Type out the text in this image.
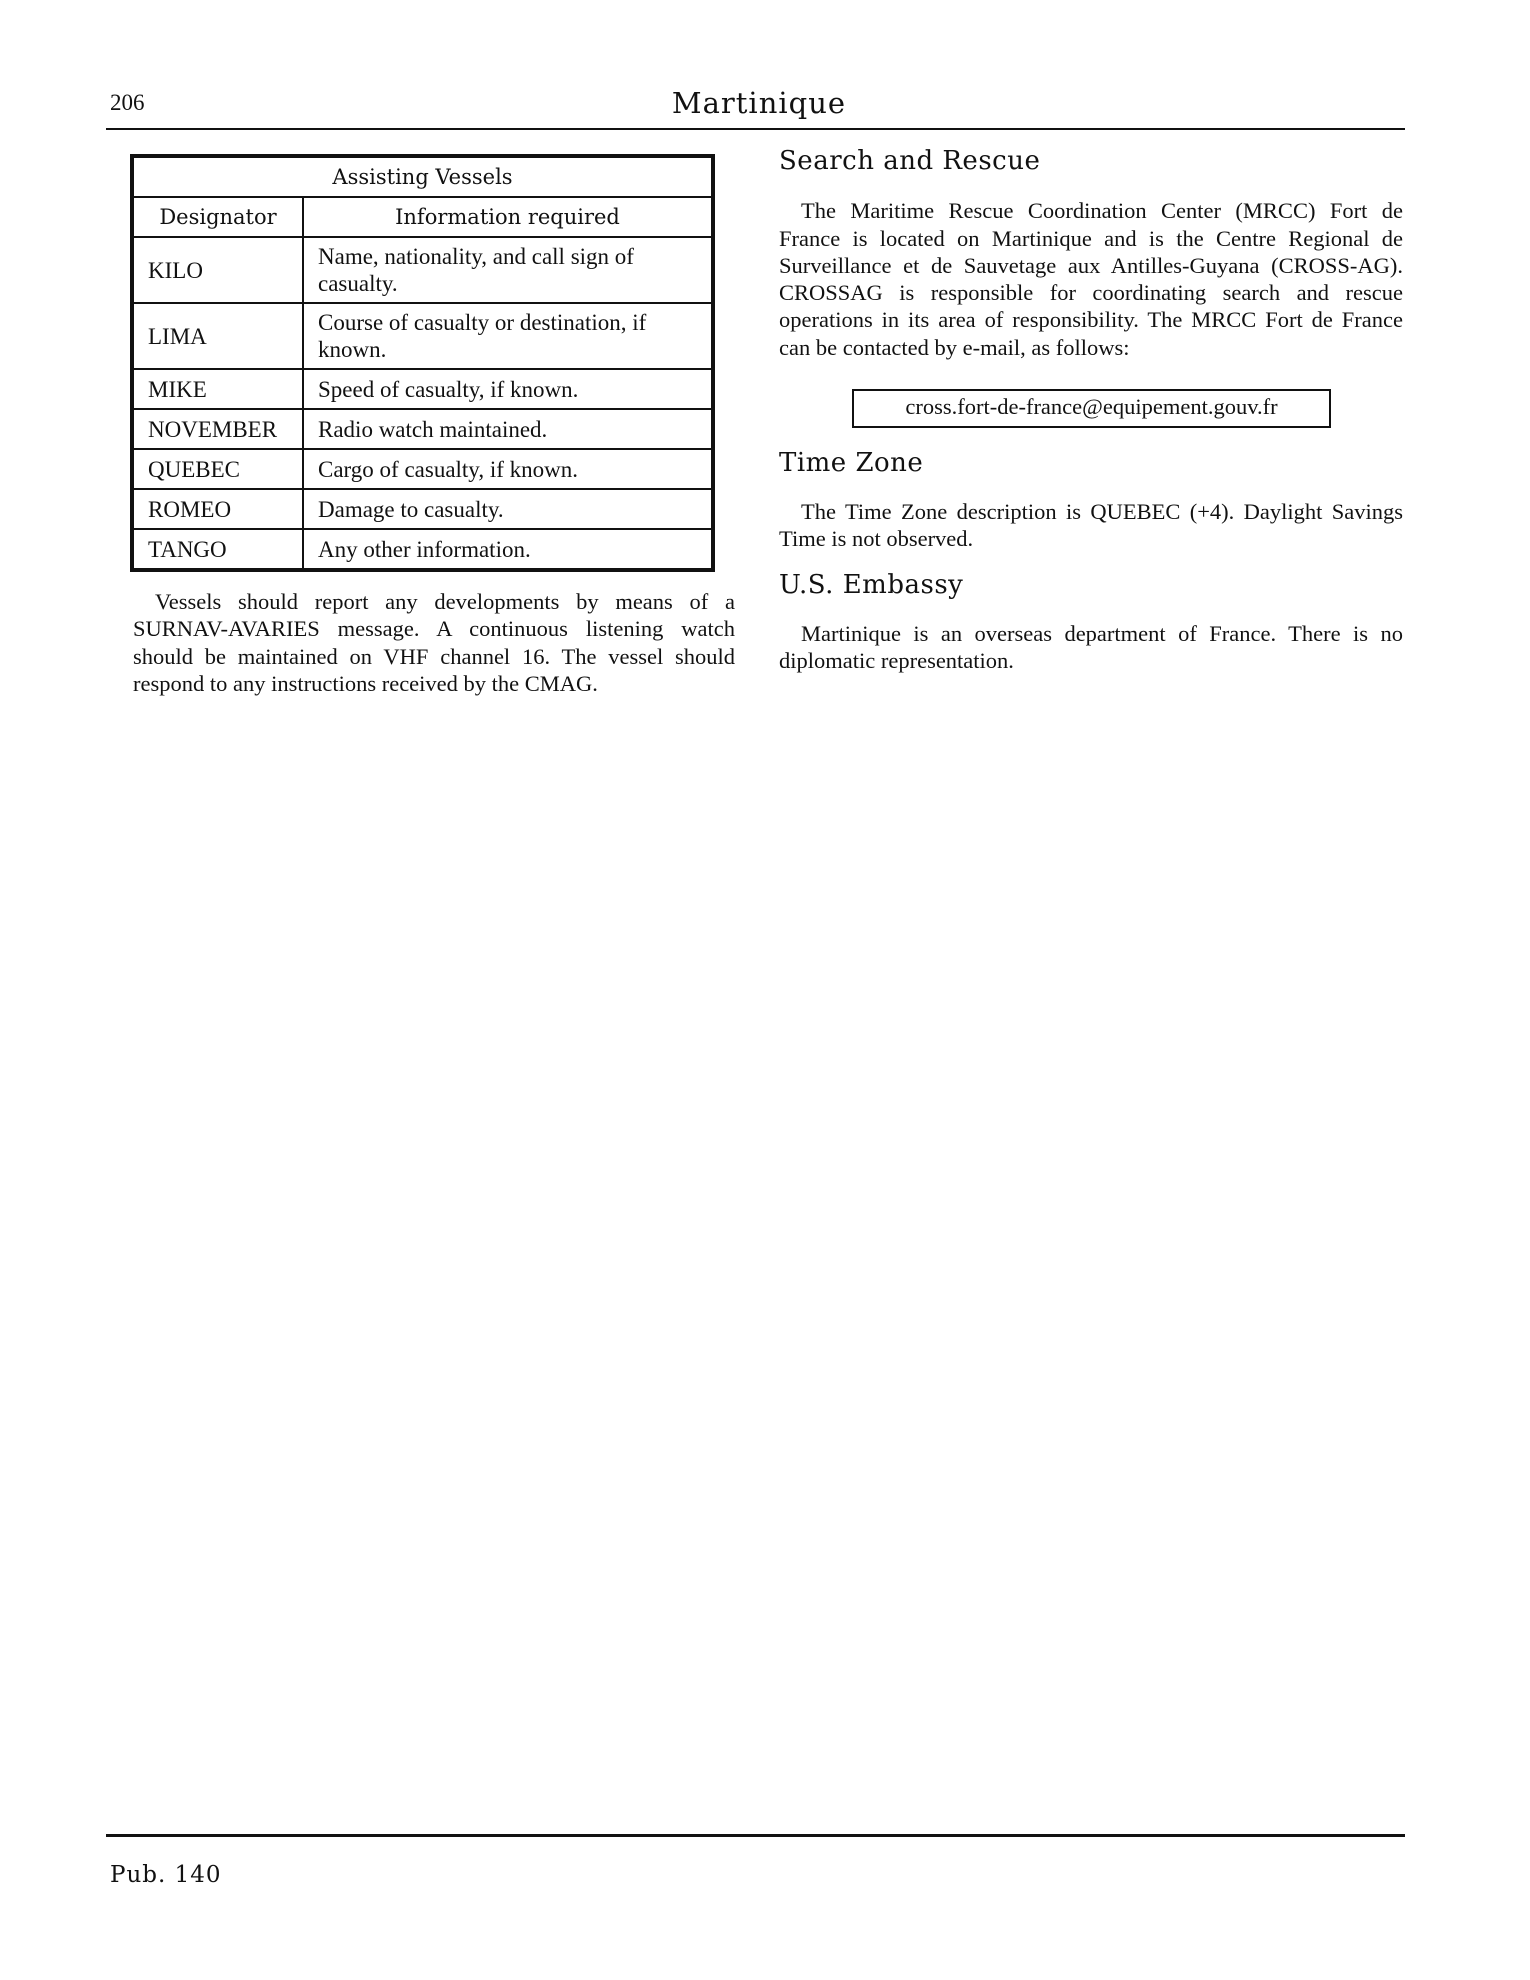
206	Martinique
Assisting Vessels	
Designator	Information required
KILO	Name, nationality, and call sign of casualty.
LIMA	Course of casualty or destination, if known.
MIKE	Speed of casualty, if known.
NOVEMBER	Radio watch maintained.
QUEBEC	Cargo of casualty, if known.
ROMEO	Damage to casualty.
TANGO	Any other information.

Vessels should report any developments by means of a SURNAV-AVARIES message. A continuous listening watch should be maintained on VHF channel 16. The vessel should respond to any instructions received by the CMAG.

Search and Rescue

The Maritime Rescue Coordination Center (MRCC) Fort de France is located on Martinique and is the Centre Regional de Surveillance et de Sauvetage aux Antilles-Guyana (CROSS-AG). CROSSAG is responsible for coordinating search and rescue operations in its area of responsibility. The MRCC Fort de France can be contacted by e-mail, as follows:

cross.fort-de-france@equipement.gouv.fr
Time Zone

The Time Zone description is QUEBEC (+4). Daylight Savings Time is not observed.

U.S. Embassy

Martinique is an overseas department of France. There is no diplomatic representation.

Pub. 140
